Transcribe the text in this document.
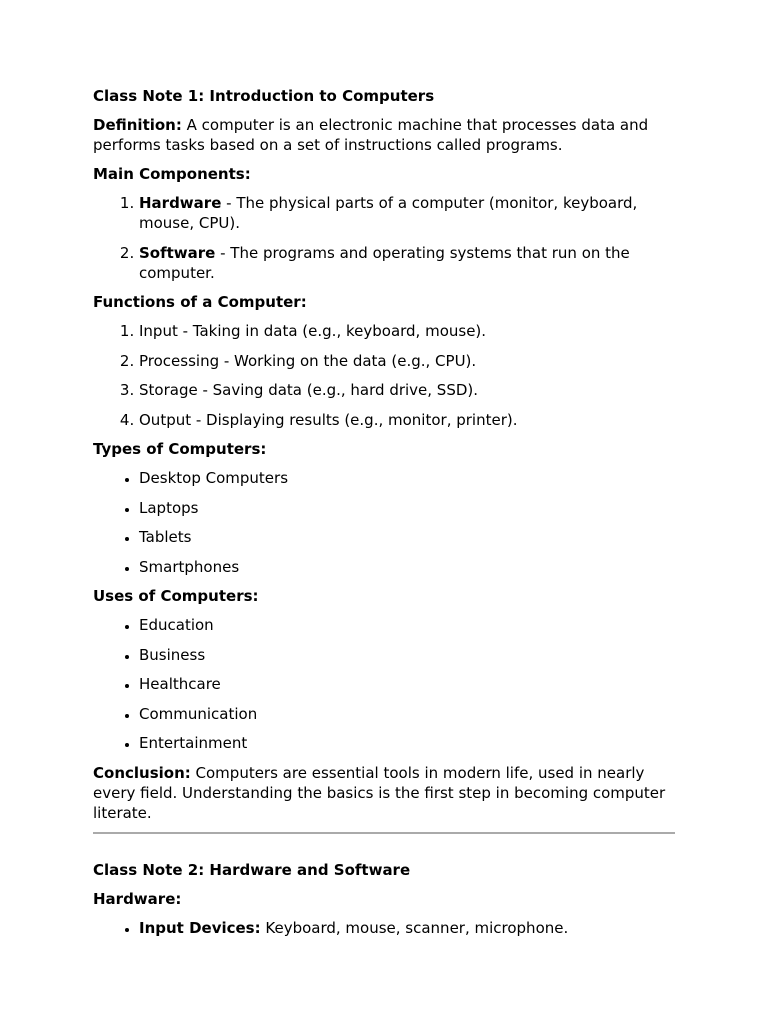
Class Note 1: Introduction to Computers
Definition: A computer is an electronic machine that processes data and performs tasks based on a set of instructions called programs.
Main Components:
1. Hardware - The physical parts of a computer (monitor, keyboard, mouse, CPU).
2. Software - The programs and operating systems that run on the computer.
Functions of a Computer:
1. Input - Taking in data (e.g., keyboard, mouse).
2. Processing - Working on the data (e.g., CPU).
3. Storage - Saving data (e.g., hard drive, SSD).
4. Output - Displaying results (e.g., monitor, printer).
Types of Computers:
• Desktop Computers
• Laptops
• Tablets
• Smartphones
Uses of Computers:
• Education
• Business
• Healthcare
• Communication
• Entertainment
Conclusion: Computers are essential tools in modern life, used in nearly every field. Understanding the basics is the first step in becoming computer literate.
Class Note 2: Hardware and Software
Hardware:
• Input Devices: Keyboard, mouse, scanner, microphone.
